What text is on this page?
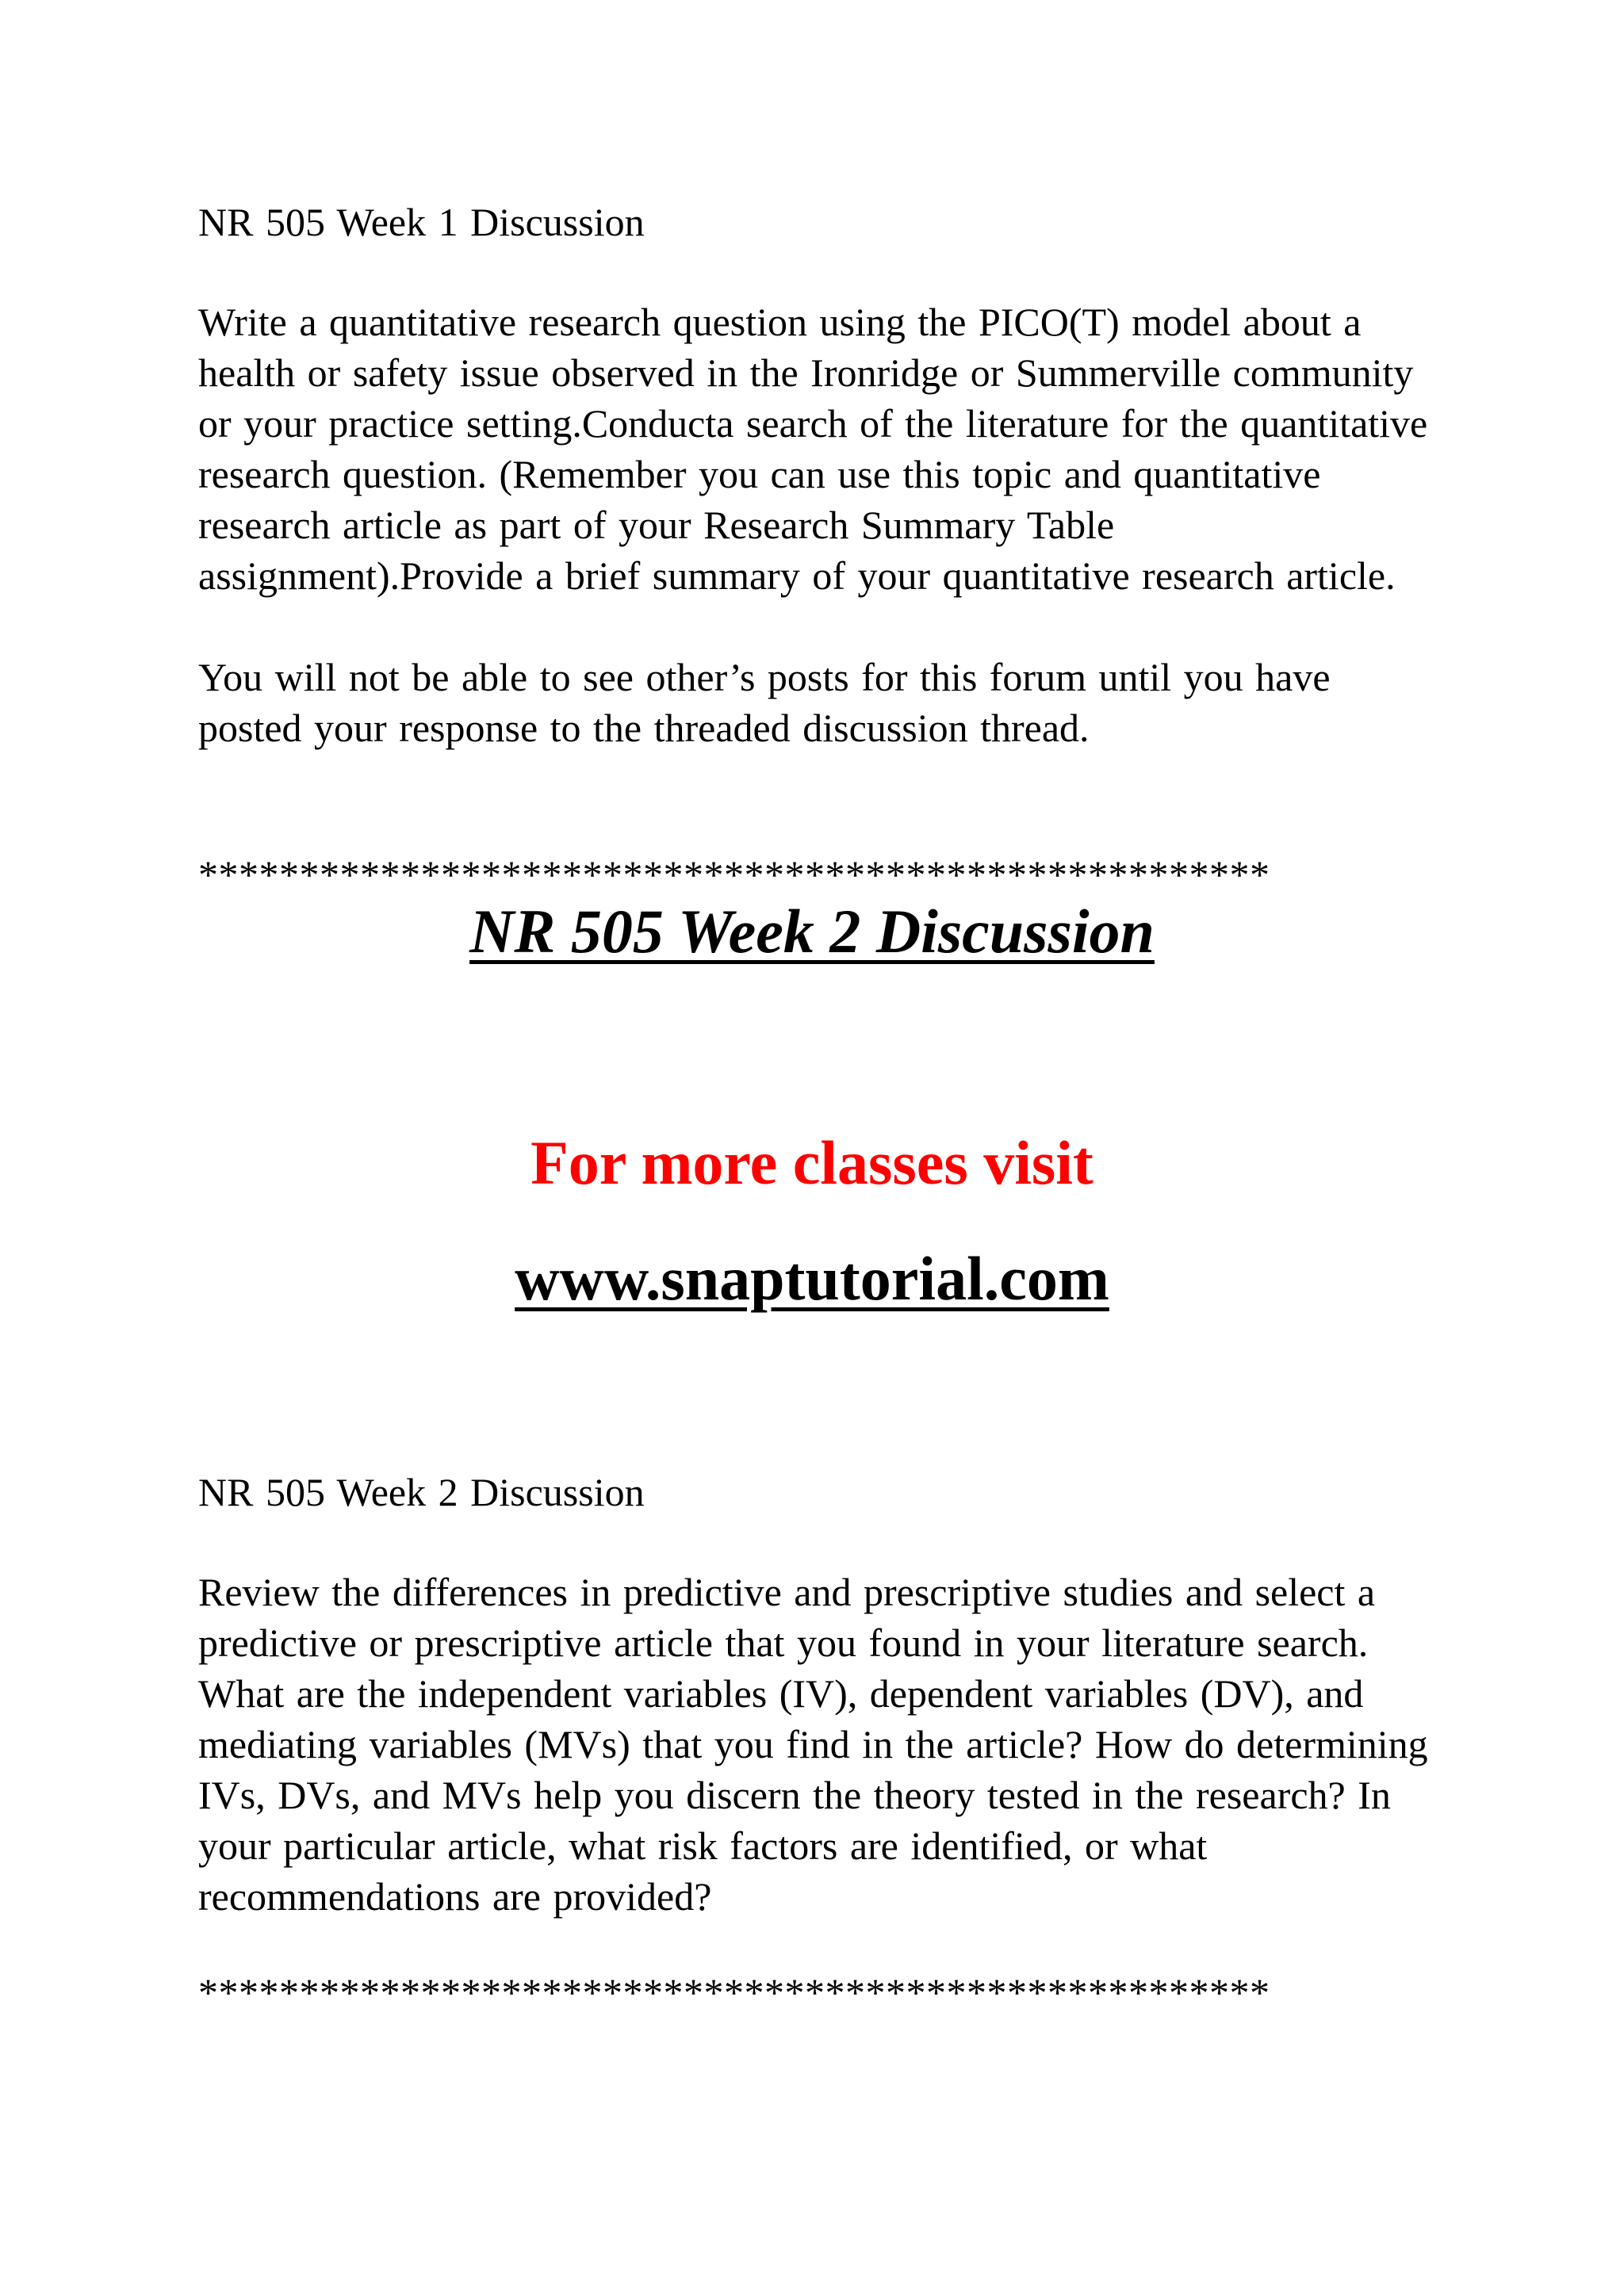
NR 505 Week 1 Discussion

Write a quantitative research question using the PICO(T) model about a health or safety issue observed in the Ironridge or Summerville community or your practice setting.Conducta search of the literature for the quantitative research question. (Remember you can use this topic and quantitative research article as part of your Research Summary Table assignment).Provide a brief summary of your quantitative research article.

You will not be able to see other’s posts for this forum until you have posted your response to the threaded discussion thread.

*****************************************************

NR 505 Week 2 Discussion

For more classes visit

www.snaptutorial.com

NR 505 Week 2 Discussion

Review the differences in predictive and prescriptive studies and select a predictive or prescriptive article that you found in your literature search. What are the independent variables (IV), dependent variables (DV), and mediating variables (MVs) that you find in the article? How do determining IVs, DVs, and MVs help you discern the theory tested in the research? In your particular article, what risk factors are identified, or what recommendations are provided?

*****************************************************
